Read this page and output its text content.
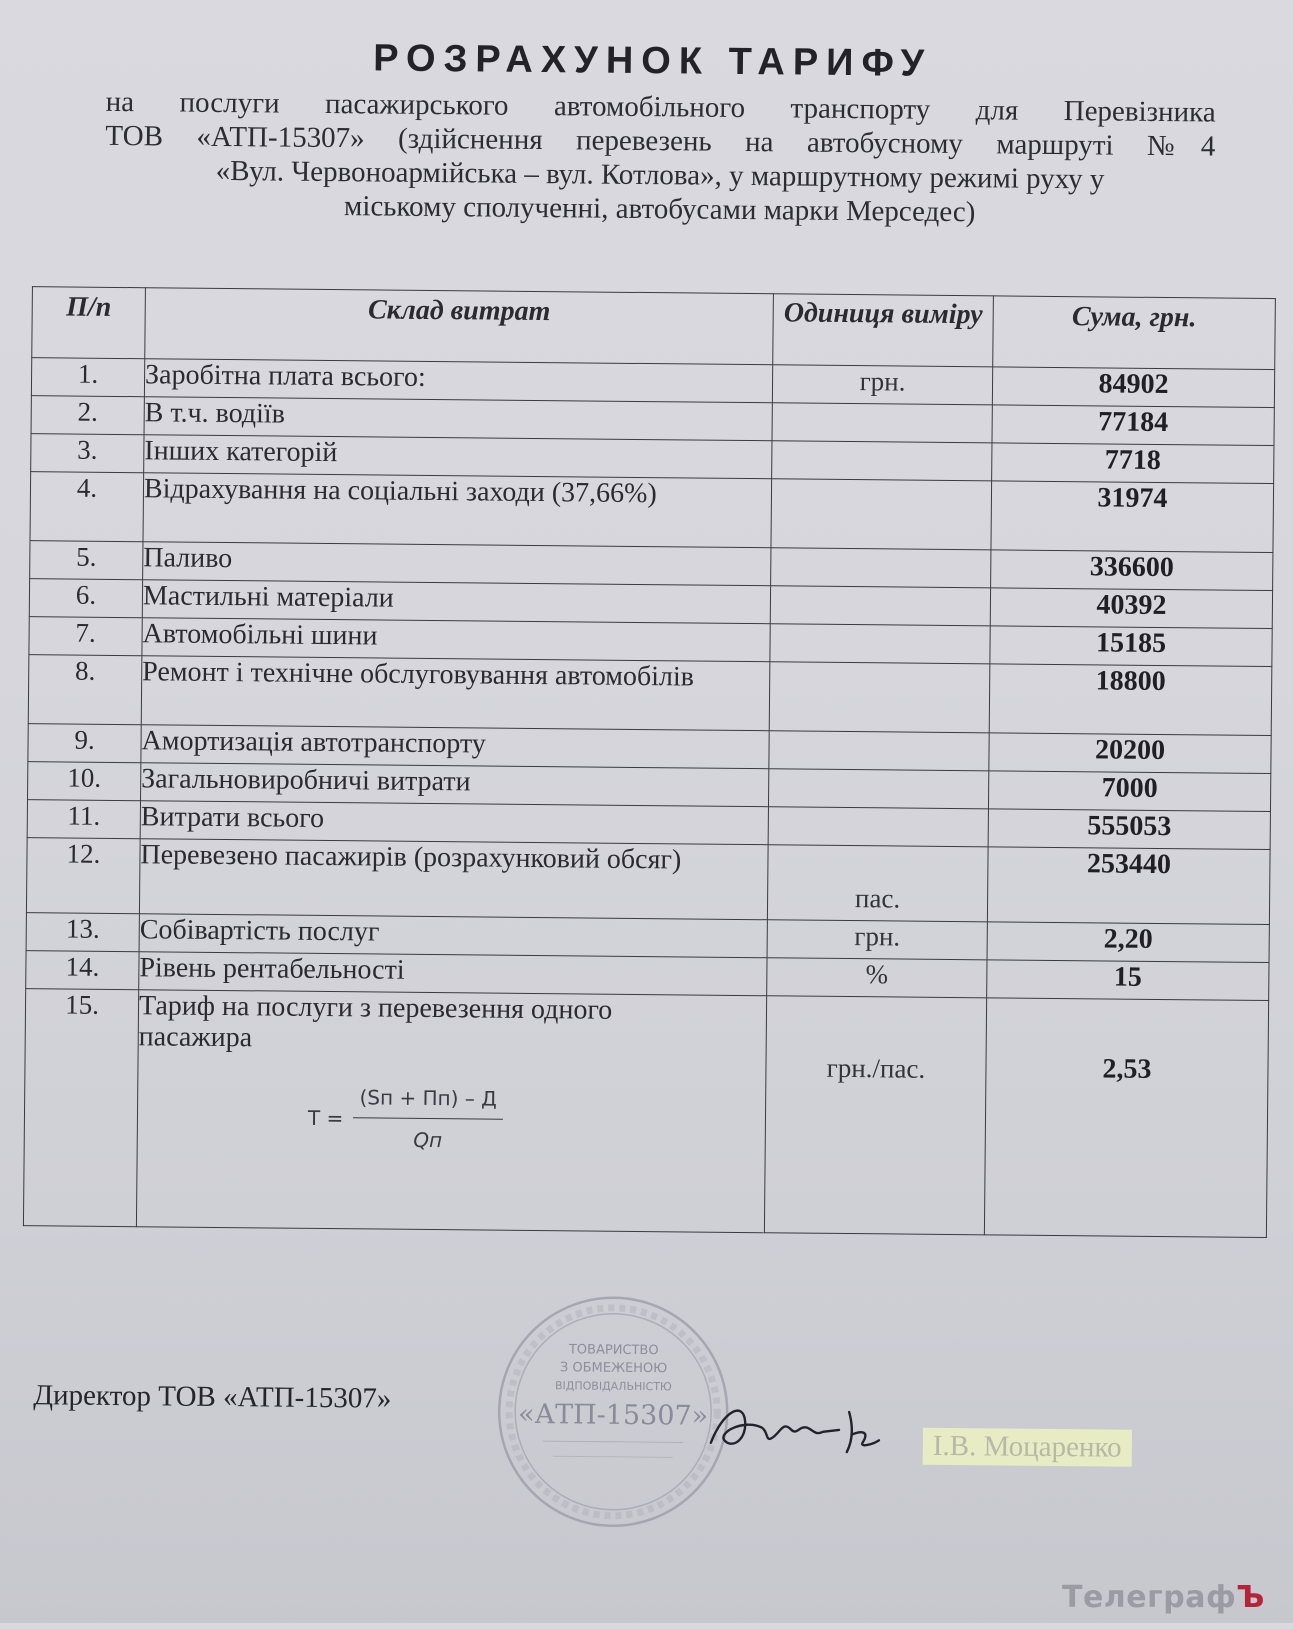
РОЗРАХУНОК ТАРИФУ
на послуги пасажирського автомобільного транспорту для Перевізника
ТОВ «АТП-15307» (здійснення перевезень на автобусному маршруті №4
«Вул. Червоноармійська – вул. Котлова», у маршрутному режимі руху у
міському сполученні, автобусами марки Мерседес)
П/п	Склад витрат	Одиниця виміру	Сума, грн.
1.	Заробітна плата всього:	грн.	84902
2.	В т.ч. водіїв		77184
3.	Інших категорій		7718
4.	Відрахування на соціальні заходи (37,66%)		31974
5.	Паливо		336600
6.	Мастильні матеріали		40392
7.	Автомобільні шини		15185
8.	Ремонт і технічне обслуговування автомобілів		18800
9.	Амортизація автотранспорту		20200
10.	Загальновиробничі витрати		7000
11.	Витрати всього		555053
12.	Перевезено пасажирів (розрахунковий обсяг)	пас.	253440
13.	Собівартість послуг	грн.	2,20
14.	Рівень рентабельності	%	15
15.	Тариф на послуги з перевезення одного пасажира
$T = \frac{(Sп + Пп) - Д}{Qп}$	грн./пас.	2,53
Директор ТОВ «АТП-15307»
ТОВАРИСТВО
З ОБМЕЖЕНОЮ
ВІДПОВІДАЛЬНІСТЮ
«АТП-15307»
І.В. Моцаренко
ТелеграфЪ
